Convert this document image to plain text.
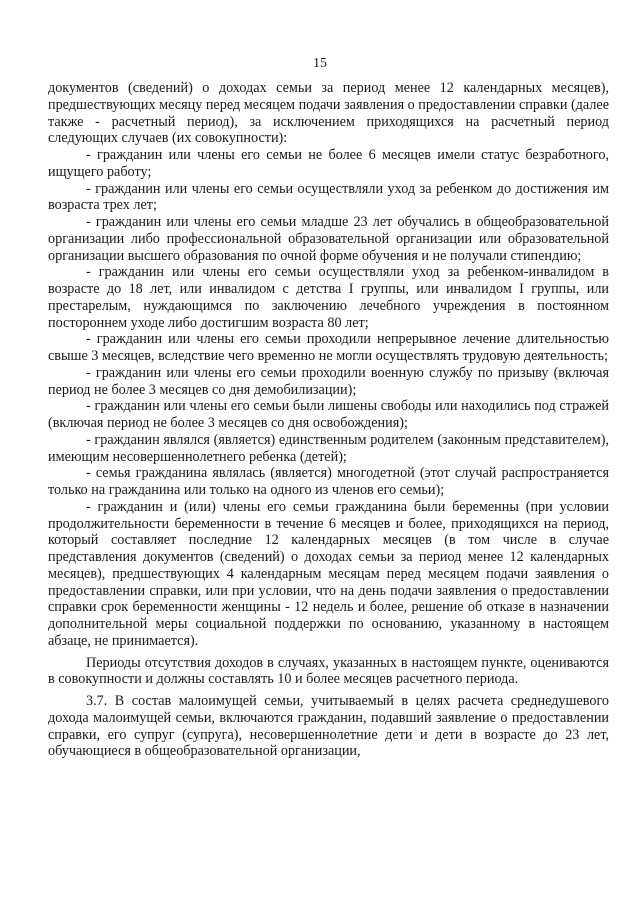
15

документов (сведений) о доходах семьи за период менее 12 календарных месяцев), предшествующих месяцу перед месяцем подачи заявления о предоставлении справки (далее также - расчетный период), за исключением приходящихся на расчетный период следующих случаев (их совокупности):

- гражданин или члены его семьи не более 6 месяцев имели статус безработного, ищущего работу;

- гражданин или члены его семьи осуществляли уход за ребенком до достижения им возраста трех лет;

- гражданин или члены его семьи младше 23 лет обучались в общеобразовательной организации либо профессиональной образовательной организации или образовательной организации высшего образования по очной форме обучения и не получали стипендию;

- гражданин или члены его семьи осуществляли уход за ребенком-инвалидом в возрасте до 18 лет, или инвалидом с детства I группы, или инвалидом I группы, или престарелым, нуждающимся по заключению лечебного учреждения в постоянном постороннем уходе либо достигшим возраста 80 лет;

- гражданин или члены его семьи проходили непрерывное лечение длительностью свыше 3 месяцев, вследствие чего временно не могли осуществлять трудовую деятельность;

- гражданин или члены его семьи проходили военную службу по призыву (включая период не более 3 месяцев со дня демобилизации);

- гражданин или члены его семьи были лишены свободы или находились под стражей (включая период не более 3 месяцев со дня освобождения);

- гражданин являлся (является) единственным родителем (законным представителем), имеющим несовершеннолетнего ребенка (детей);

- семья гражданина являлась (является) многодетной (этот случай распространяется только на гражданина или только на одного из членов его семьи);

- гражданин и (или) члены его семьи гражданина были беременны (при условии продолжительности беременности в течение 6 месяцев и более, приходящихся на период, который составляет последние 12 календарных месяцев (в том числе в случае представления документов (сведений) о доходах семьи за период менее 12 календарных месяцев), предшествующих 4 календарным месяцам перед месяцем подачи заявления о предоставлении справки, или при условии, что на день подачи заявления о предоставлении справки срок беременности женщины - 12 недель и более, решение об отказе в назначении дополнительной меры социальной поддержки по основанию, указанному в настоящем абзаце, не принимается).

Периоды отсутствия доходов в случаях, указанных в настоящем пункте, оцениваются в совокупности и должны составлять 10 и более месяцев расчетного периода.

3.7. В состав малоимущей семьи, учитываемый в целях расчета среднедушевого дохода малоимущей семьи, включаются гражданин, подавший заявление о предоставлении справки, его супруг (супруга), несовершеннолетние дети и дети в возрасте до 23 лет, обучающиеся в общеобразовательной организации,
